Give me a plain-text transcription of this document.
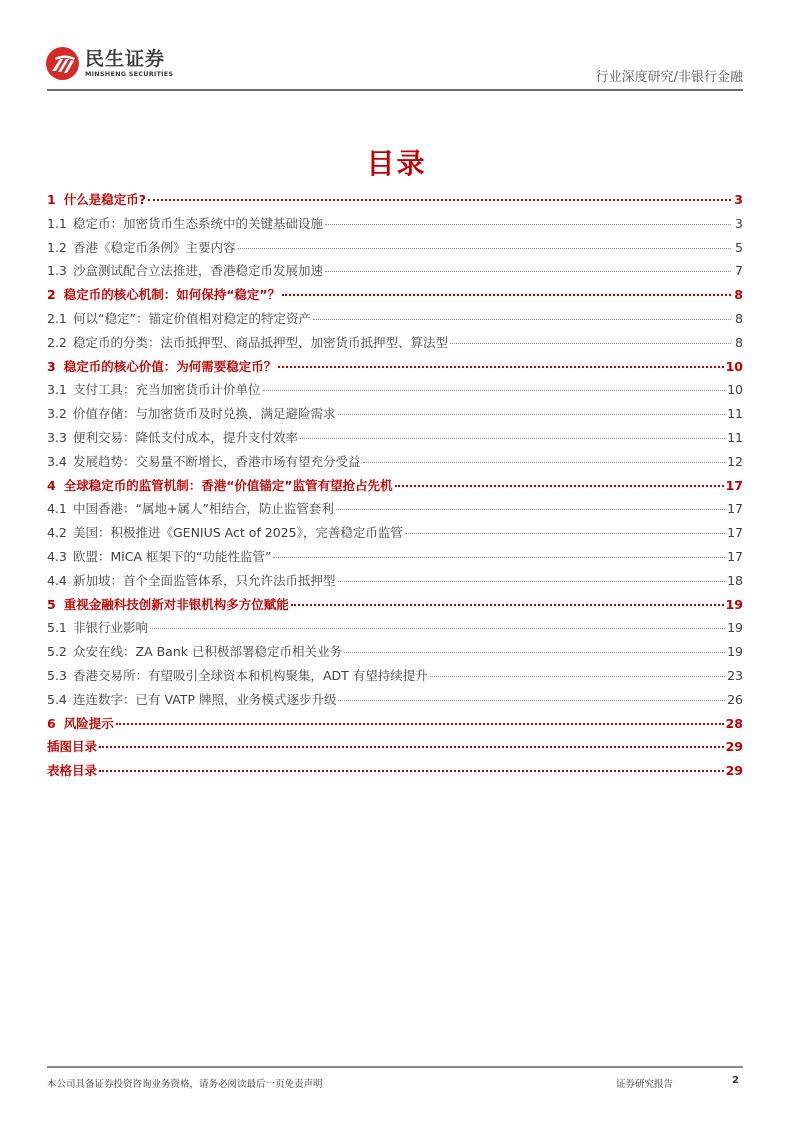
民生证券
MINSHENG SECURITIES	行业深度研究/非银行金融
目录
1 什么是稳定币?	3
1.1 稳定币：加密货币生态系统中的关键基础设施	3
1.2 香港《稳定币条例》主要内容	5
1.3 沙盒测试配合立法推进，香港稳定币发展加速	7
2 稳定币的核心机制：如何保持“稳定”？	8
2.1 何以“稳定”：锚定价值相对稳定的特定资产	8
2.2 稳定币的分类：法币抵押型、商品抵押型、加密货币抵押型、算法型	8
3 稳定币的核心价值：为何需要稳定币？	10
3.1 支付工具：充当加密货币计价单位	10
3.2 价值存储：与加密货币及时兑换，满足避险需求	11
3.3 便利交易：降低支付成本，提升支付效率	11
3.4 发展趋势：交易量不断增长，香港市场有望充分受益	12
4 全球稳定币的监管机制：香港“价值锚定”监管有望抢占先机	17
4.1 中国香港：“属地+属人”相结合，防止监管套利	17
4.2 美国：积极推进《GENIUS Act of 2025》，完善稳定币监管	17
4.3 欧盟：MiCA 框架下的“功能性监管”	17
4.4 新加坡：首个全面监管体系，只允许法币抵押型	18
5 重视金融科技创新对非银机构多方位赋能	19
5.1 非银行业影响	19
5.2 众安在线：ZA Bank 已积极部署稳定币相关业务	19
5.3 香港交易所：有望吸引全球资本和机构聚集，ADT 有望持续提升	23
5.4 连连数字：已有 VATP 牌照，业务模式逐步升级	26
6 风险提示	28
插图目录	29
表格目录	29
本公司具备证券投资咨询业务资格，请务必阅读最后一页免责声明	证券研究报告	2
